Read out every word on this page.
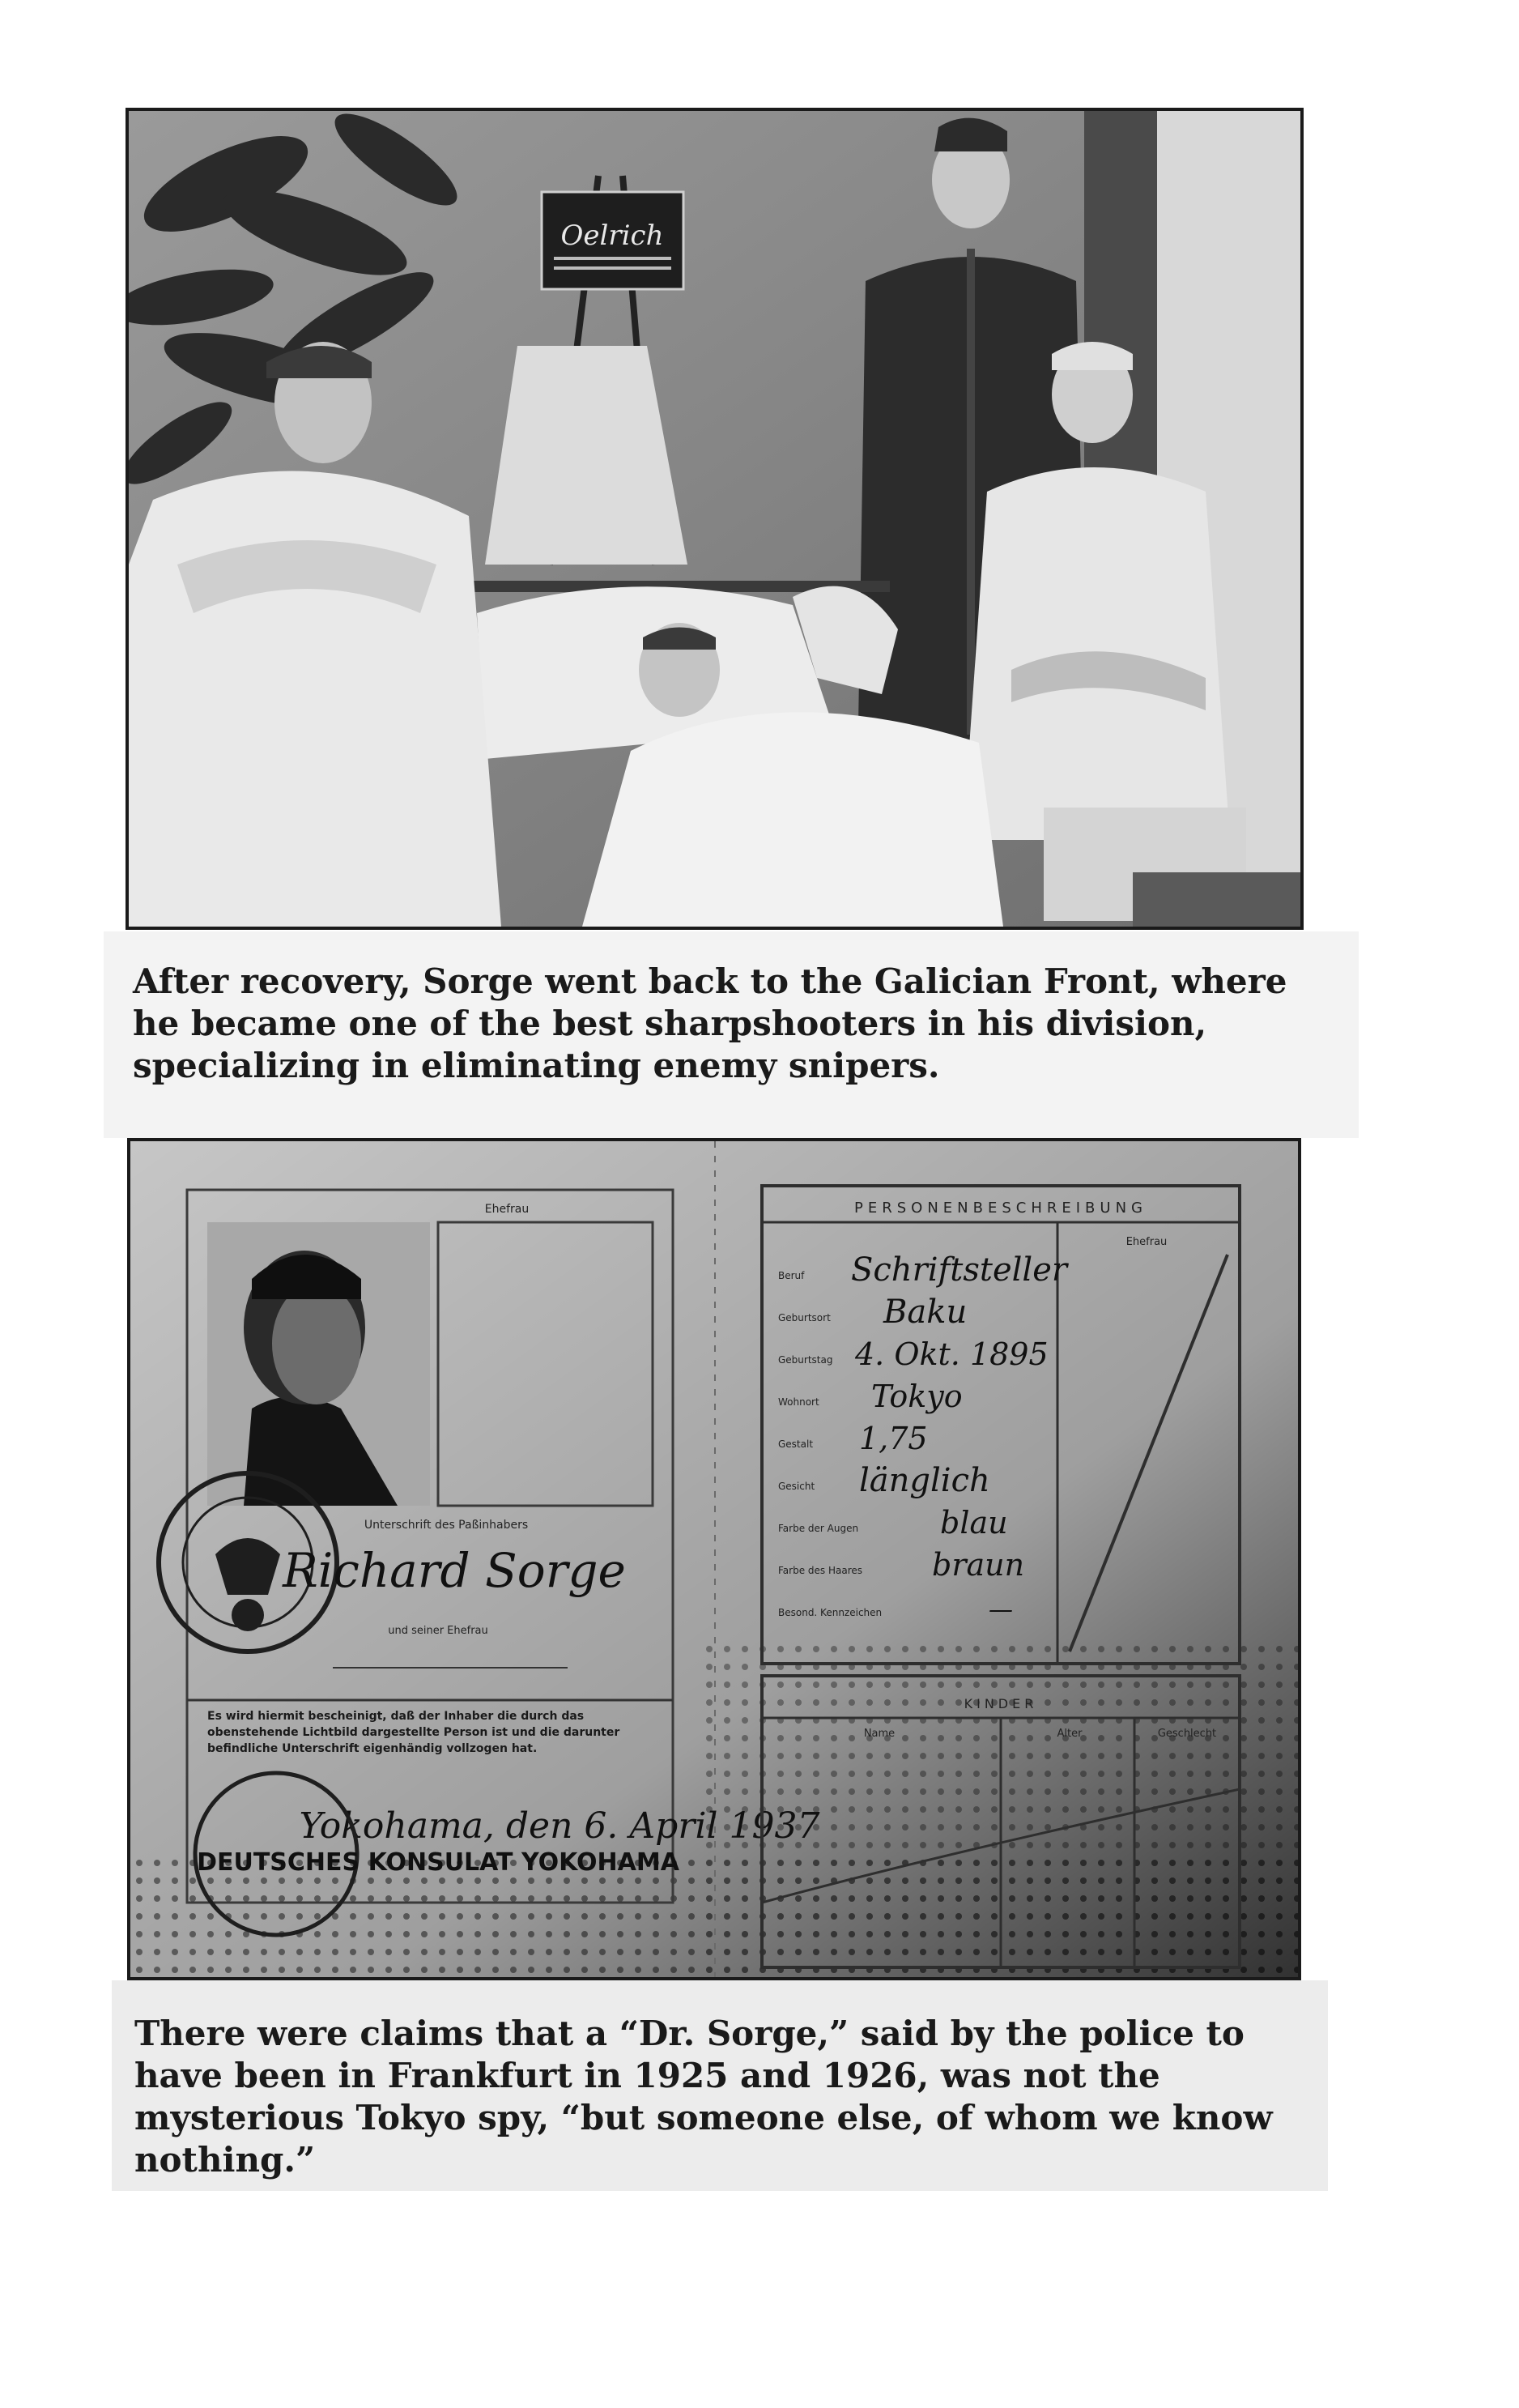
Oelrich

After recovery, Sorge went back to the Galician Front, where he became one of the best sharpshooters in his division, specializing in eliminating enemy snipers.

Ehefrau
Unterschrift des Paßinhabers
Richard Sorge
und seiner Ehefrau
Es wird hiermit bescheinigt, daß der Inhaber die durch das obenstehende Lichtbild dargestellte Person ist und die darunter befindliche Unterschrift eigenhändig vollzogen hat.
Yokohama, den 6. April 1937
DEUTSCHES KONSULAT YOKOHAMA
PERSONENBESCHREIBUNG
Ehefrau
Beruf Schriftsteller
Geburtsort Baku
Geburtstag 4. Okt. 1895
Wohnort Tokyo
Gestalt 1,75
Gesicht länglich
Farbe der Augen	blau
Farbe des Haares braun
Besond. Kennzeichen	—
KINDER
Name	Alter	Geschlecht

There were claims that a “Dr. Sorge,” said by the police to have been in Frankfurt in 1925 and 1926, was not the mysterious Tokyo spy, “but someone else, of whom we know nothing.”
